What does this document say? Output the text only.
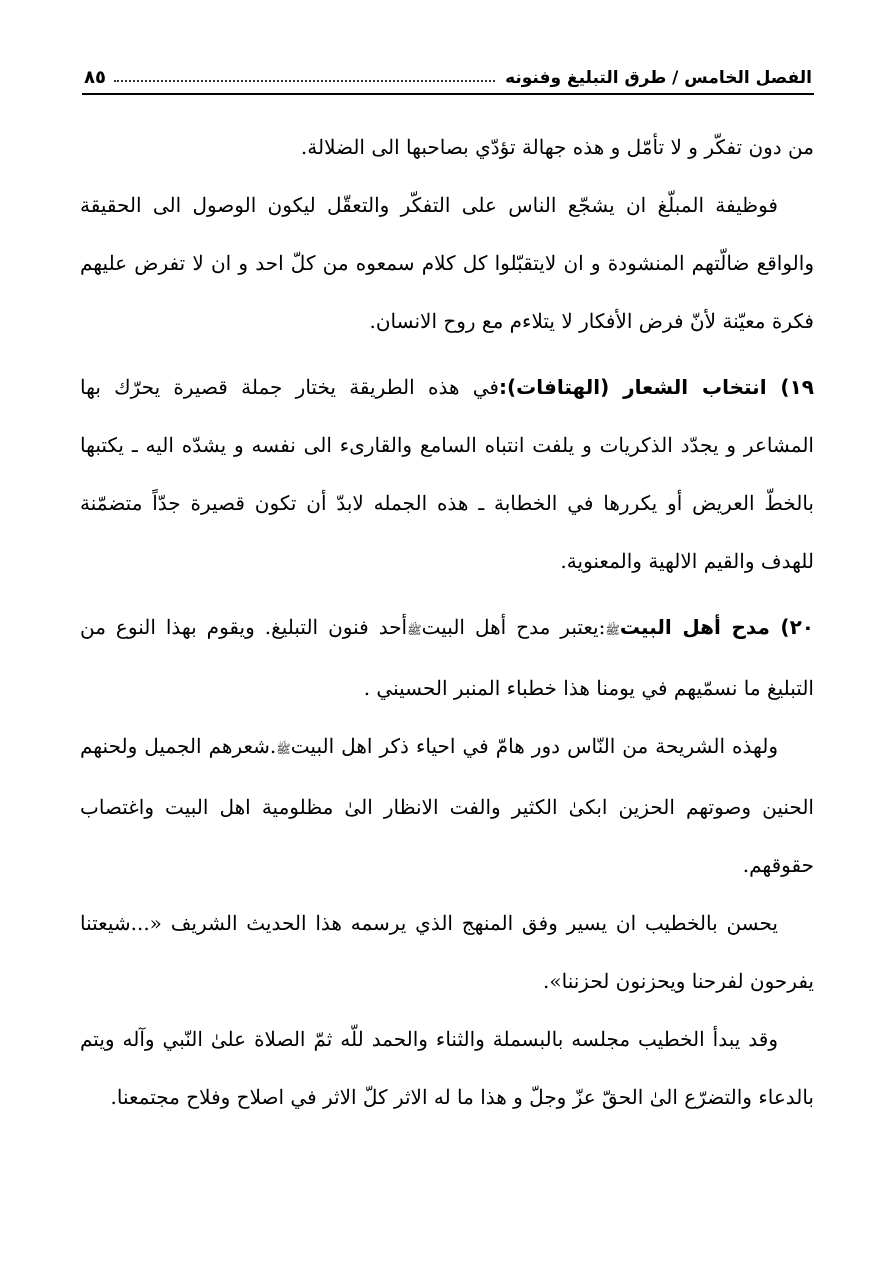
الفصل الخامس / طرق التبليغ وفنونه
٨٥

من دون تفكّر و لا تأمّل و هذه جهالة تؤدّي بصاحبها الى الضلالة.

فوظيفة المبلّغ ان يشجّع الناس على التفكّر والتعقّل ليكون الوصول الى الحقيقة والواقع ضالّتهم المنشودة و ان لايتقبّلوا كل كلام سمعوه من كلّ احد و ان لا تفرض عليهم فكرة معيّنة لأنّ فرض الأفكار لا يتلاءم مع روح الانسان.

١٩) انتخاب الشعار (الهتافات):في هذه الطريقة يختار جملة قصيرة يحرّك بها المشاعر و يجدّد الذكريات و يلفت انتباه السامع والقارىء الى نفسه و يشدّه اليه ـ يكتبها بالخطّ العريض أو يكررها في الخطابة ـ هذه الجمله لابدّ أن تكون قصيرة جدّاً متضمّنة للهدف والقيم الالهية والمعنوية.

٢٠) مدح أهل البيتﷺ:يعتبر مدح أهل البيتﷺأحد فنون التبليغ. ويقوم بهذا النوع من التبليغ ما نسمّيهم في يومنا هذا خطباء المنبر الحسيني .

ولهذه الشريحة من النّاس دور هامّ في احياء ذكر اهل البيتﷺ.شعرهم الجميل ولحنهم الحنين وصوتهم الحزين ابكىٰ الكثير والفت الانظار الىٰ مظلومية اهل البيت واغتصاب حقوقهم.

يحسن بالخطيب ان يسير وفق المنهج الذي يرسمه هذا الحديث الشريف «...شيعتنا يفرحون لفرحنا ويحزنون لحزننا».

وقد يبدأ الخطيب مجلسه بالبسملة والثناء والحمد للّه ثمّ الصلاة علىٰ النّبي وآله ويتم بالدعاء والتضرّع الىٰ الحقّ عزّ وجلّ و هذا ما له الاثر كلّ الاثر في اصلاح وفلاح مجتمعنا.
